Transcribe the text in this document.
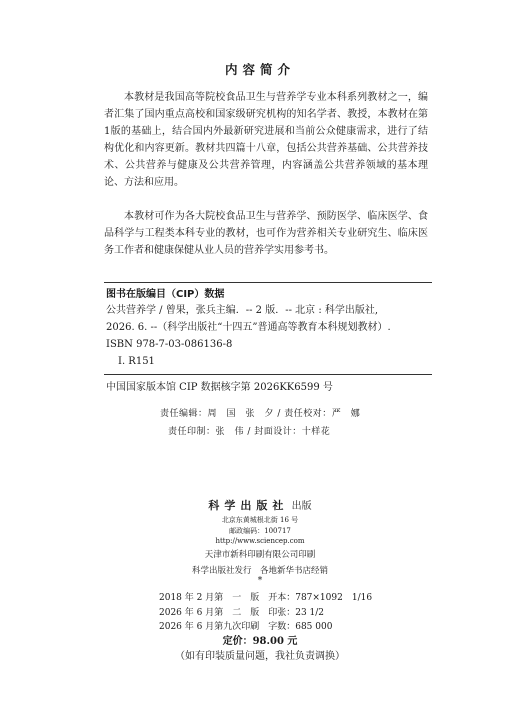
内容简介

本教材是我国高等院校食品卫生与营养学专业本科系列教材之一，编者汇集了国内重点高校和国家级研究机构的知名学者、教授，本教材在第1版的基础上，结合国内外最新研究进展和当前公众健康需求，进行了结构优化和内容更新。教材共四篇十八章，包括公共营养基础、公共营养技术、公共营养与健康及公共营养管理，内容涵盖公共营养领域的基本理论、方法和应用。

本教材可作为各大院校食品卫生与营养学、预防医学、临床医学、食品科学与工程类本科专业的教材，也可作为营养相关专业研究生、临床医务工作者和健康保健从业人员的营养学实用参考书。

图书在版编目（CIP）数据
公共营养学 / 曾果，张兵主编．-- 2 版．-- 北京 : 科学出版社,
2026. 6. --（科学出版社“十四五”普通高等教育本科规划教材）.
ISBN 978-7-03-086136-8
Ⅰ. R151
中国国家版本馆 CIP 数据核字第 2026KK6599 号
责任编辑：周　国　张　夕 / 责任校对：严　娜
责任印制：张　伟 / 封面设计：十样花
科学出版社 出版
北京东黄城根北街 16 号
邮政编码：100717
http://www.sciencep.com
天津市新科印刷有限公司印刷
科学出版社发行　各地新华书店经销
*
2018 年 2 月第　一　版　开本：787×1092　1/16
2026 年 6 月第　二　版　印张：23 1/2
2026 年 6 月第九次印刷　字数：685 000
定价：98.00 元
（如有印装质量问题，我社负责调换）
